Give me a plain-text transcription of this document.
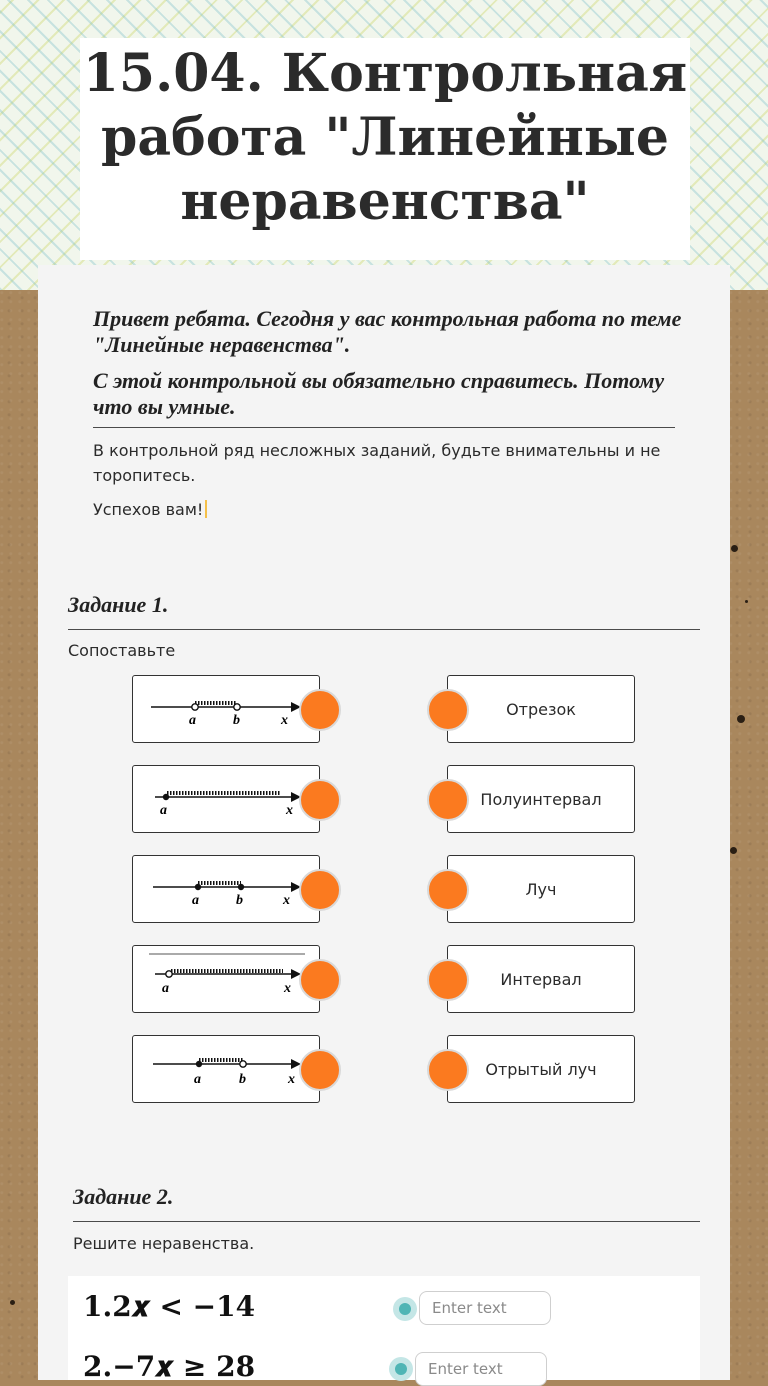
15.04. Контрольная работа "Линейные неравенства"

Привет ребята. Сегодня у вас контрольная работа по теме "Линейные неравенства".

С этой контрольной вы обязательно справитесь. Потому что вы умные.

В контрольной ряд несложных заданий, будьте внимательны и не торопитесь.

Успехов вам!

Задание 1.

Сопоставьте

a	b	x
a	x
a	b	x
a	x
a	b	x
Отрезок
Полуинтервал
Луч
Интервал
Отрытый луч

Задание 2.

Решите неравенства.

1.2𝒙 < −14

Enter text

2.−7𝒙 ≥ 28

Enter text
